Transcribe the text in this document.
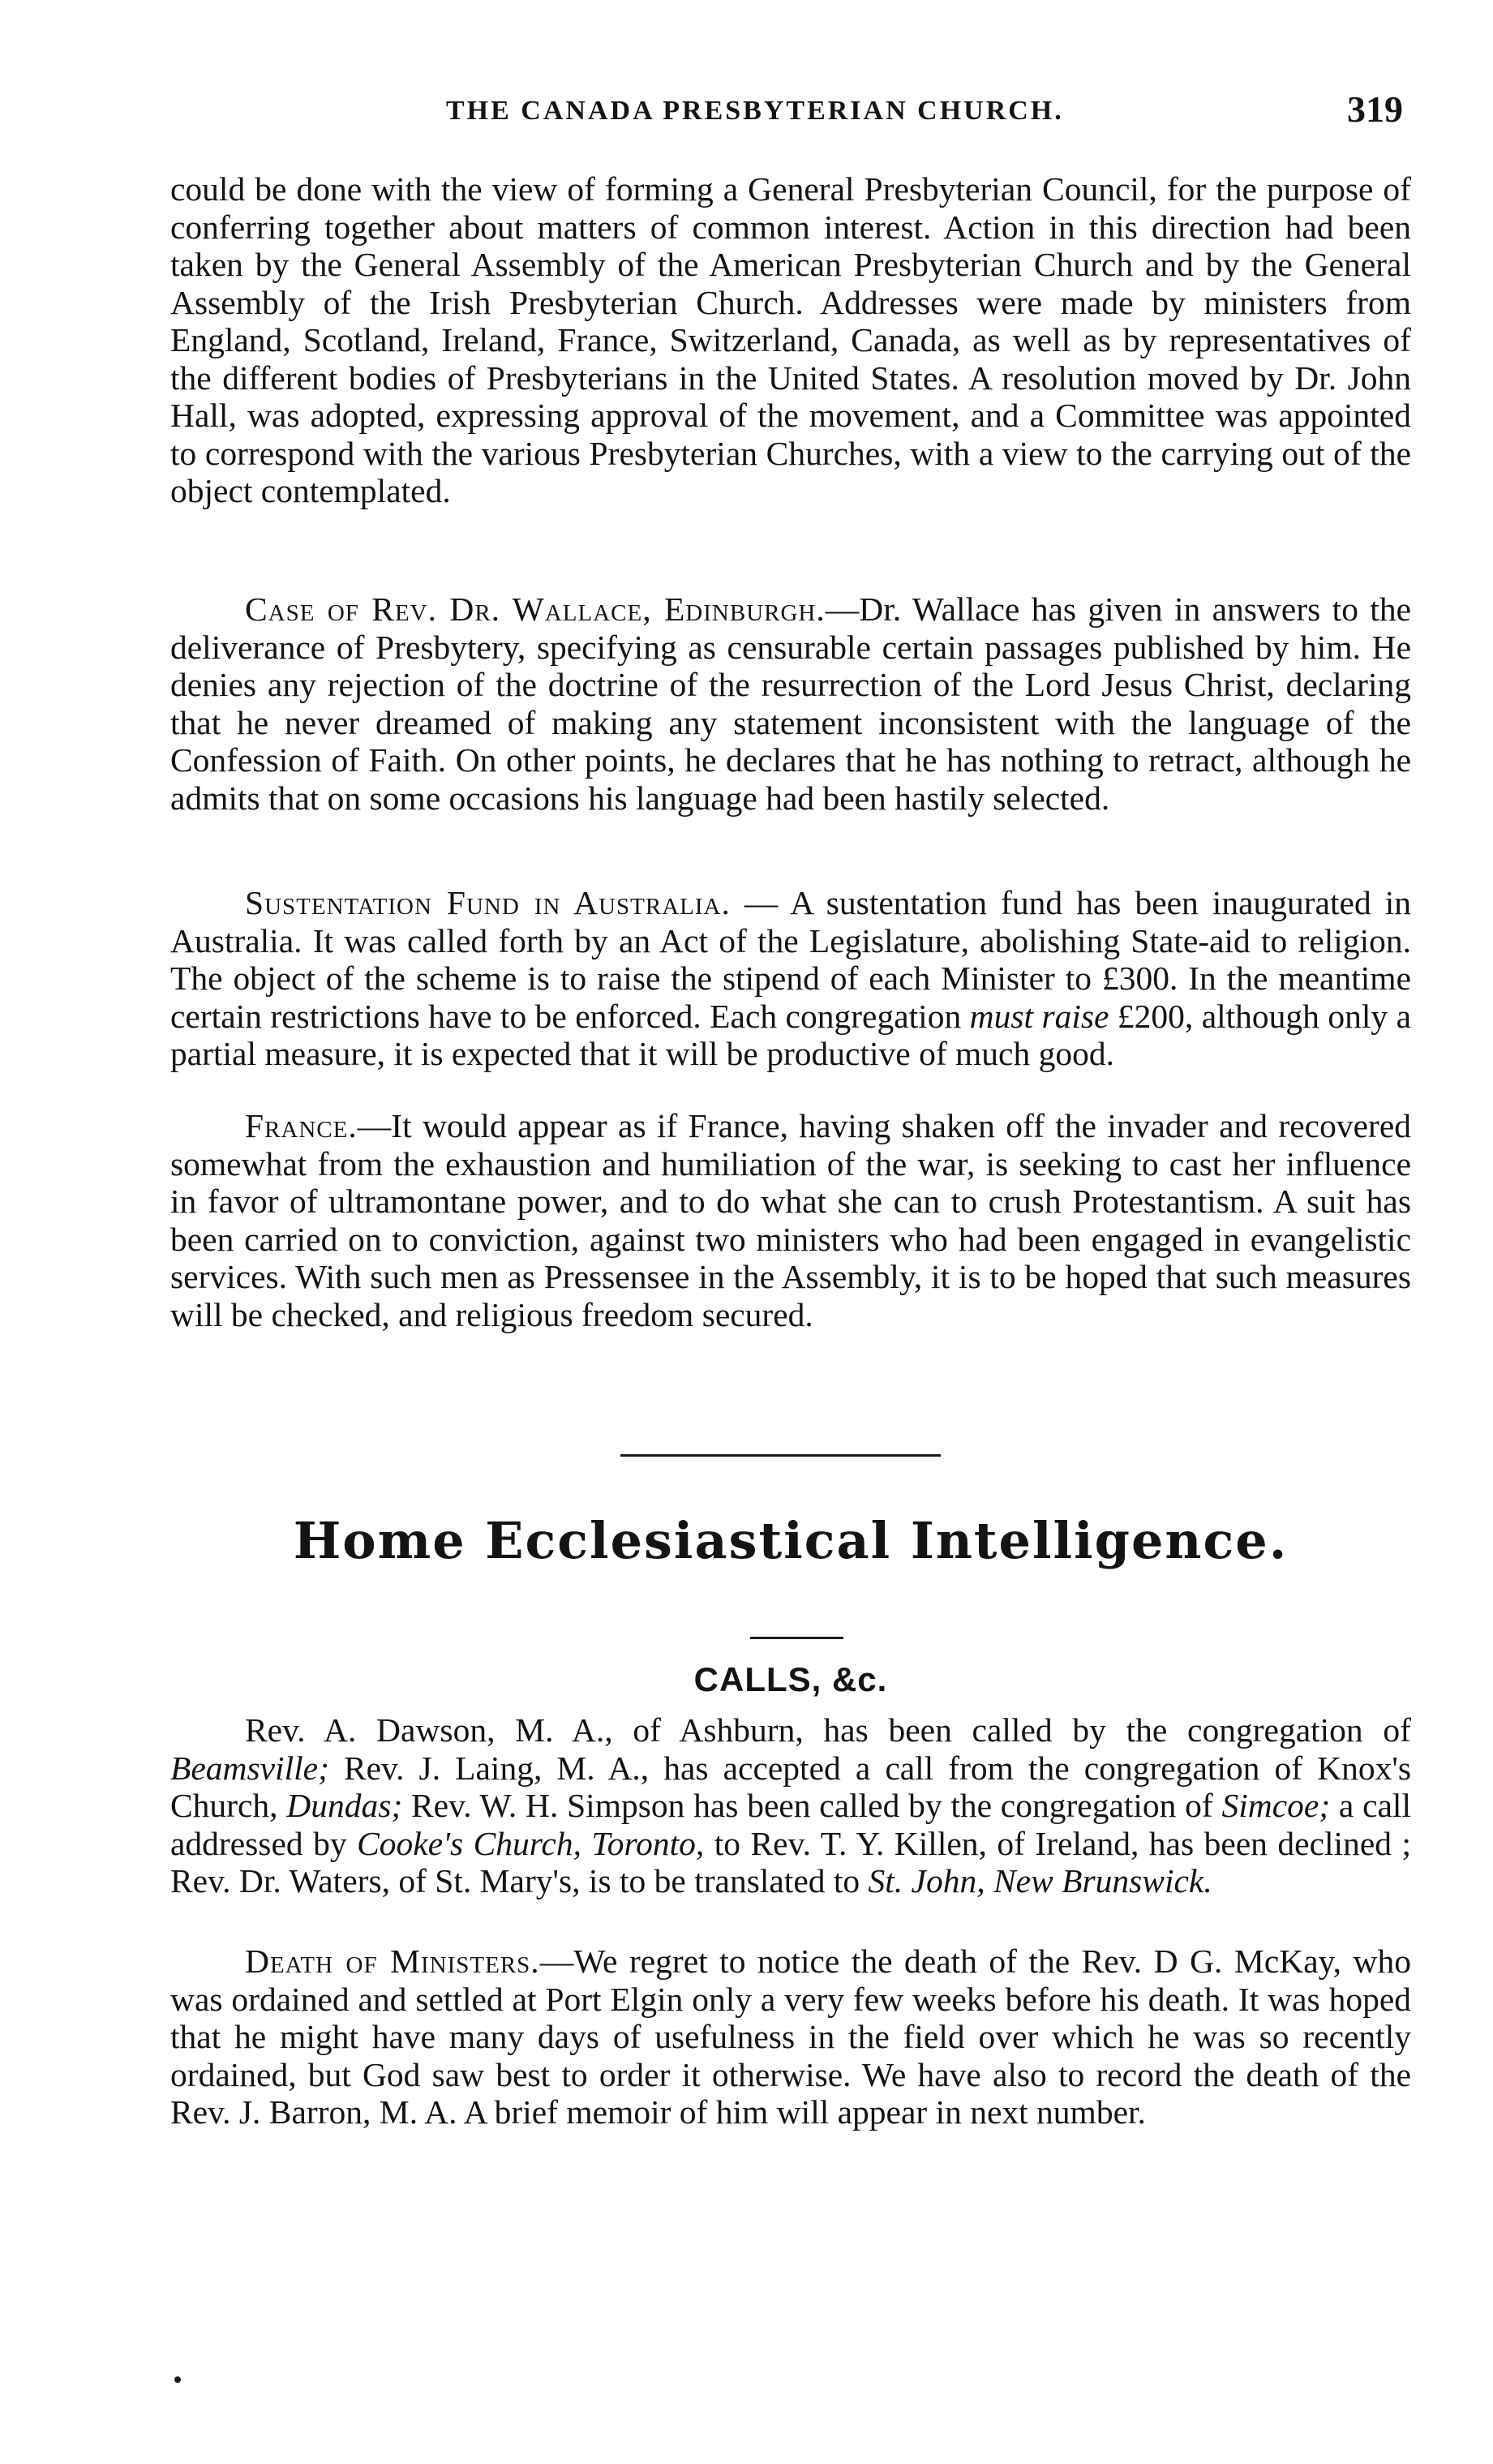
THE CANADA PRESBYTERIAN CHURCH.	319

could be done with the view of forming a General Presbyterian Council, for the purpose of conferring together about matters of common interest. Action in this direction had been taken by the General Assembly of the American Presbyterian Church and by the General Assembly of the Irish Presbyterian Church. Addresses were made by ministers from England, Scotland, Ireland, France, Switzerland, Canada, as well as by representatives of the different bodies of Presbyterians in the United States. A resolution moved by Dr. John Hall, was adopted, expressing approval of the movement, and a Committee was appointed to correspond with the various Presbyterian Churches, with a view to the carrying out of the object contemplated.

Case of Rev. Dr. Wallace, Edinburgh.—Dr. Wallace has given in answers to the deliverance of Presbytery, specifying as censurable certain passages published by him. He denies any rejection of the doctrine of the resurrection of the Lord Jesus Christ, declaring that he never dreamed of making any statement inconsistent with the language of the Confession of Faith. On other points, he declares that he has nothing to retract, although he admits that on some occasions his language had been hastily selected.

Sustentation Fund in Australia. — A sustentation fund has been inaugurated in Australia. It was called forth by an Act of the Legislature, abolishing State-aid to religion. The object of the scheme is to raise the stipend of each Minister to £300. In the meantime certain restrictions have to be enforced. Each congregation must raise £200, although only a partial measure, it is expected that it will be productive of much good.

France.—It would appear as if France, having shaken off the invader and recovered somewhat from the exhaustion and humiliation of the war, is seeking to cast her influence in favor of ultramontane power, and to do what she can to crush Protestantism. A suit has been carried on to conviction, against two ministers who had been engaged in evangelistic services. With such men as Pressensee in the Assembly, it is to be hoped that such measures will be checked, and religious freedom secured.

Home Ecclesiastical Intelligence.
CALLS, &c.

Rev. A. Dawson, M. A., of Ashburn, has been called by the congregation of Beamsville; Rev. J. Laing, M. A., has accepted a call from the congregation of Knox's Church, Dundas; Rev. W. H. Simpson has been called by the congregation of Simcoe; a call addressed by Cooke's Church, Toronto, to Rev. T. Y. Killen, of Ireland, has been declined ; Rev. Dr. Waters, of St. Mary's, is to be translated to St. John, New Brunswick.

Death of Ministers.—We regret to notice the death of the Rev. D G. McKay, who was ordained and settled at Port Elgin only a very few weeks before his death. It was hoped that he might have many days of usefulness in the field over which he was so recently ordained, but God saw best to order it otherwise. We have also to record the death of the Rev. J. Barron, M. A. A brief memoir of him will appear in next number.
